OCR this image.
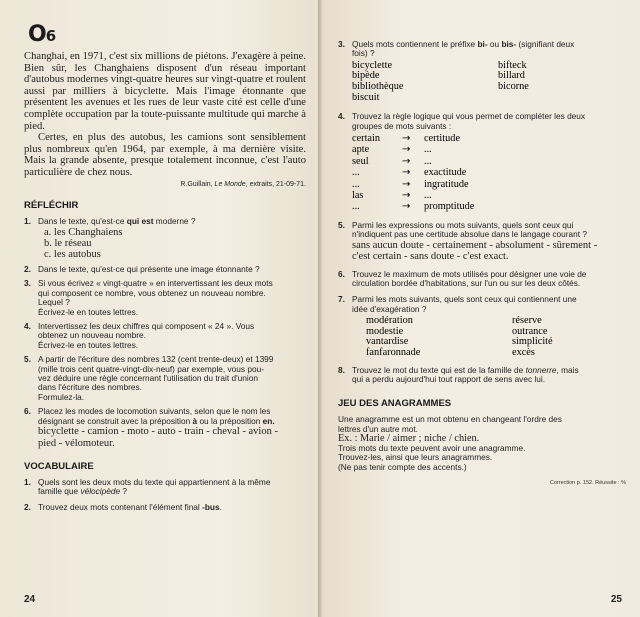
O6

Changhai, en 1971, c'est six millions de piétons. J'exagère à peine. Bien sûr, les Changhaiens disposent d'un réseau important d'autobus modernes vingt-quatre heures sur vingt-quatre et roulent aussi par milliers à bicyclette. Mais l'image étonnante que présentent les avenues et les rues de leur vaste cité est celle d'une complète occupation par la toute-puissante multitude qui marche à pied.

Certes, en plus des autobus, les camions sont sensiblement plus nombreux qu'en 1964, par exemple, à ma dernière visite. Mais la grande absente, presque totalement inconnue, c'est l'auto particulière de chez nous.

R.Guillain, Le Monde, extraits, 21-09-71.
RÉFLÉCHIR
1. Dans le texte, qu'est-ce qui est moderne ?
a. les Changhaiens
b. le réseau
c. les autobus
2. Dans le texte, qu'est-ce qui présente une image étonnante ?
3. Si vous écrivez « vingt-quatre » en intervertissant les deux mots
qui composent ce nombre, vous obtenez un nouveau nombre.
Lequel ?
Écrivez-le en toutes lettres.
4. Intervertissez les deux chiffres qui composent « 24 ». Vous
obtenez un nouveau nombre.
Écrivez-le en toutes lettres.
5. A partir de l'écriture des nombres 132 (cent trente-deux) et 1399
(mille trois cent quatre-vingt-dix-neuf) par exemple, vous pou-
vez déduire une règle concernant l'utilisation du trait d'union
dans l'écriture des nombres.
Formulez-la.
6. Placez les modes de locomotion suivants, selon que le nom les
désignant se construit avec la préposition à ou la préposition en.
bicyclette - camion - moto - auto - train - cheval - avion -
pied - vélomoteur.
VOCABULAIRE
1. Quels sont les deux mots du texte qui appartiennent à la même
famille que vélocipède ?
2. Trouvez deux mots contenant l'élément final -bus.
24
3. Quels mots contiennent le préfixe bi- ou bis- (signifiant deux
fois) ?
bicyclette	bifteck
bipède	billard
bibliothèque	bicorne
biscuit
4. Trouvez la règle logique qui vous permet de compléter les deux
groupes de mots suivants :
certain	→	certitude
apte	→	...
seul	→	...
...	→	exactitude
...	→	ingratitude
las	→	...
...	→	promptitude
5. Parmi les expressions ou mots suivants, quels sont ceux qui
n'indiquent pas une certitude absolue dans le langage courant ?
sans aucun doute - certainement - absolument - sûrement -
c'est certain - sans doute - c'est exact.
6. Trouvez le maximum de mots utilisés pour désigner une voie de
circulation bordée d'habitations, sur l'un ou sur les deux côtés.
7. Parmi les mots suivants, quels sont ceux qui contiennent une
idée d'exagération ?
modération	réserve
modestie	outrance
vantardise	simplicité
fanfaronnade	excès
8. Trouvez le mot du texte qui est de la famille de tonnerre, mais
qui a perdu aujourd'hui tout rapport de sens avec lui.
JEU DES ANAGRAMMES
Une anagramme est un mot obtenu en changeant l'ordre des
lettres d'un autre mot.
Ex. : Marie / aimer ; niche / chien.
Trois mots du texte peuvent avoir une anagramme.
Trouvez-les, ainsi que leurs anagrammes.
(Ne pas tenir compte des accents.)
Correction p. 152. Réussite : %
25
